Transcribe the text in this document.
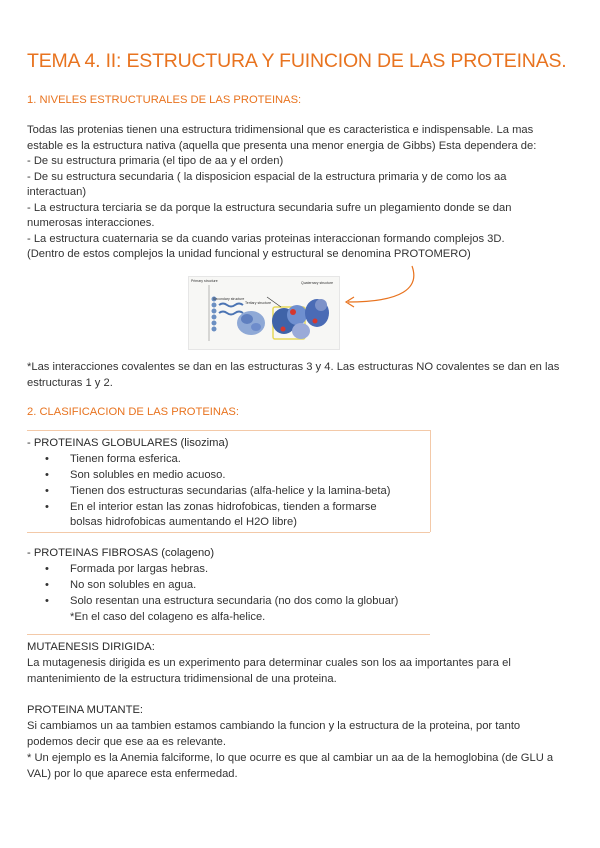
TEMA 4. II: ESTRUCTURA Y FUINCION DE LAS PROTEINAS.
1. NIVELES ESTRUCTURALES DE LAS PROTEINAS:
Todas las protenias tienen una estructura tridimensional que es caracteristica e indispensable. La mas
estable es la estructura nativa (aquella que presenta una menor energia de Gibbs) Esta dependera de:
- De su estructura primaria (el tipo de aa y el orden)
- De su estructura secundaria ( la disposicion espacial de la estructura primaria y de como los aa
interactuan)
- La estructura terciaria se da porque la estructura secundaria sufre un plegamiento donde se dan
numerosas interacciones.
- La estructura cuaternaria se da cuando varias proteinas interaccionan formando complejos 3D.
(Dentro de estos complejos la unidad funcional y estructural se denomina PROTOMERO)
Primary structure
Secondary structure
Tertiary structure
Quaternary structure
*Las interacciones covalentes se dan en las estructuras 3 y 4. Las estructuras NO covalentes se dan en las
estructuras 1 y 2.
2. CLASIFICACION DE LAS PROTEINAS:
- PROTEINAS GLOBULARES (lisozima)
•	Tienen forma esferica.
•	Son solubles en medio acuoso.
•	Tienen dos estructuras secundarias (alfa-helice y la lamina-beta)
•	En el interior estan las zonas hidrofobicas, tienden a formarse
bolsas hidrofobicas aumentando el H2O libre)
- PROTEINAS FIBROSAS (colageno)
•	Formada por largas hebras.
•	No son solubles en agua.
•	Solo resentan una estructura secundaria (no dos como la globuar)
*En el caso del colageno es alfa-helice.
MUTAENESIS DIRIGIDA:
La mutagenesis dirigida es un experimento para determinar cuales son los aa importantes para el
mantenimiento de la estructura tridimensional de una proteina.
PROTEINA MUTANTE:
Si cambiamos un aa tambien estamos cambiando la funcion y la estructura de la proteina, por tanto
podemos decir que ese aa es relevante.
* Un ejemplo es la Anemia falciforme, lo que ocurre es que al cambiar un aa de la hemoglobina (de GLU a
VAL) por lo que aparece esta enfermedad.
